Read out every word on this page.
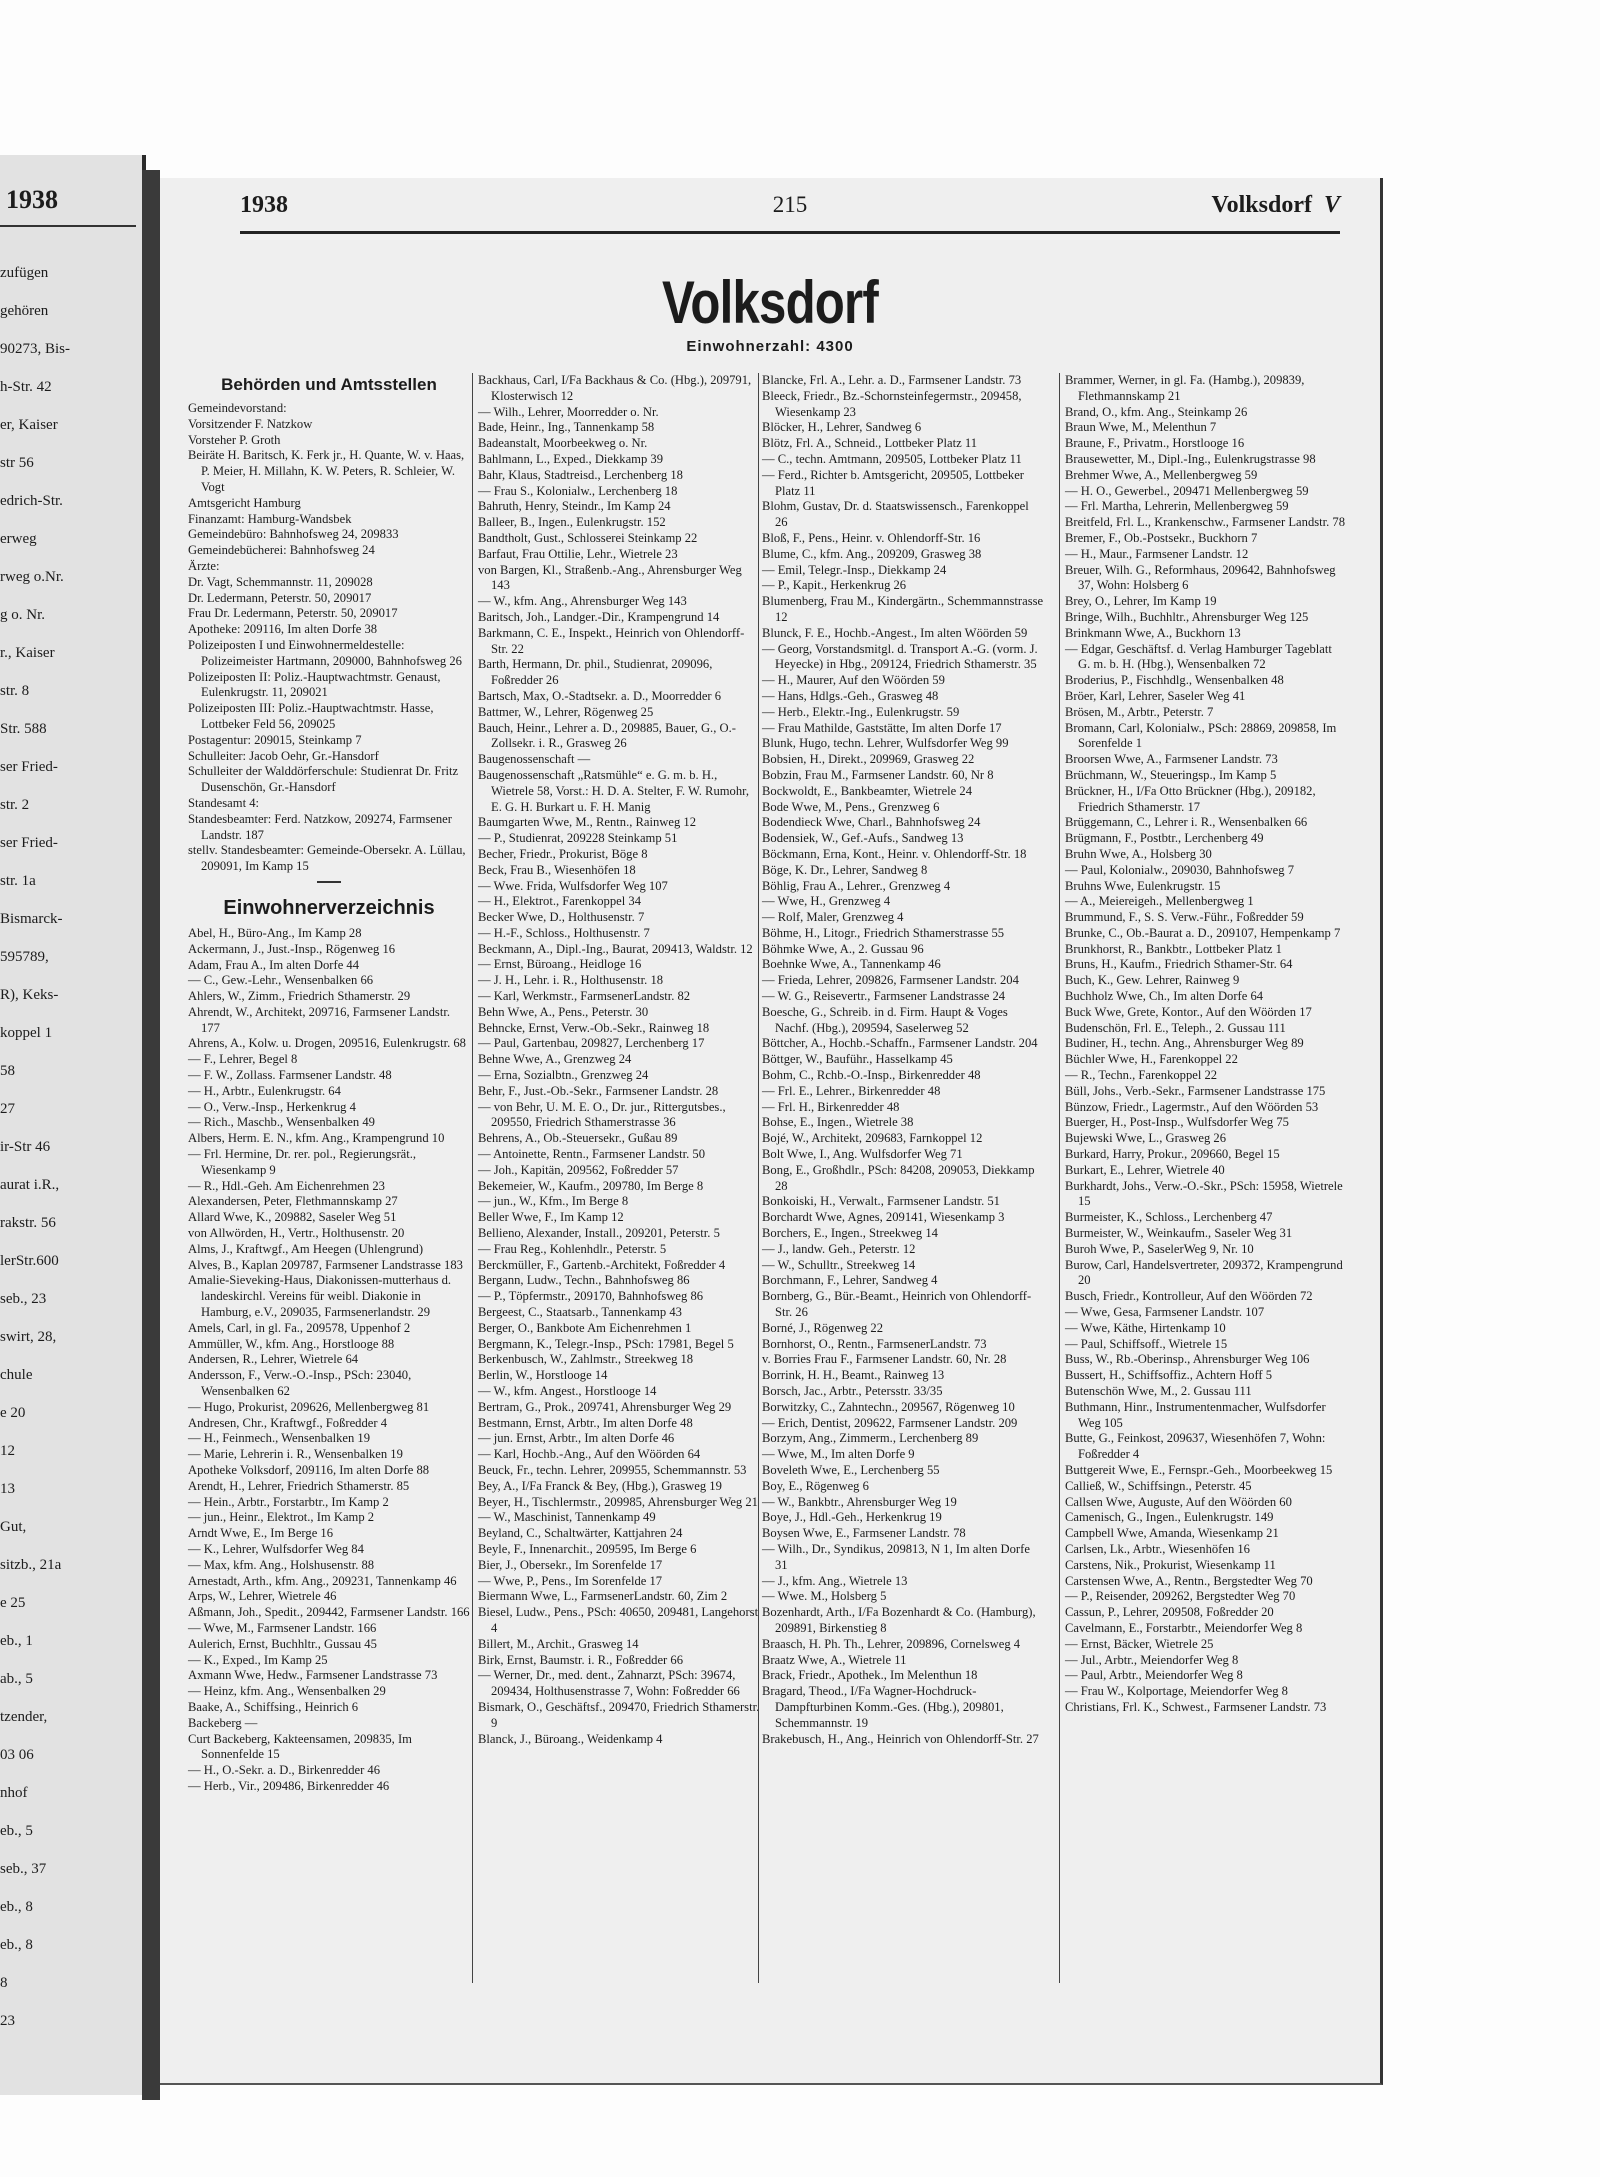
1938
zufügen
gehören
90273, Bis-
h-Str. 42
er, Kaiser
str 56
edrich-Str.
erweg
rweg o.Nr.
g o. Nr.
r., Kaiser
str. 8
Str. 588
ser Fried-
str. 2
ser Fried-
str. 1a
Bismarck-
595789,
R), Keks-
koppel 1
58
27
ir-Str 46
aurat i.R.,
rakstr. 56
lerStr.600
seb., 23
swirt, 28,
chule
e 20
12
13
Gut,
sitzb., 21a
e 25
eb., 1
ab., 5
tzender,
03 06
nhof
eb., 5
seb., 37
eb., 8
eb., 8
8
23
1938	215	Volksdorf V
Volksdorf
Einwohnerzahl: 4300
Behörden und Amtsstellen
Gemeindevorstand:
Vorsitzender F. Natzkow
Vorsteher P. Groth
Beiräte H. Baritsch, K. Ferk jr., H. Quante, W. v. Haas, P. Meier, H. Millahn, K. W. Peters, R. Schleier, W. Vogt
Amtsgericht Hamburg
Finanzamt: Hamburg-Wandsbek
Gemeindebüro: Bahnhofsweg 24, 209833
Gemeindebücherei: Bahnhofsweg 24
Ärzte:
Dr. Vagt, Schemmannstr. 11, 209028
Dr. Ledermann, Peterstr. 50, 209017
Frau Dr. Ledermann, Peterstr. 50, 209017
Apotheke: 209116, Im alten Dorfe 38
Polizeiposten I und Einwohnermeldestelle: Polizeimeister Hartmann, 209000, Bahnhofsweg 26
Polizeiposten II: Poliz.-Hauptwachtmstr. Genaust, Eulenkrugstr. 11, 209021
Polizeiposten III: Poliz.-Hauptwachtmstr. Hasse, Lottbeker Feld 56, 209025
Postagentur: 209015, Steinkamp 7
Schulleiter: Jacob Oehr, Gr.-Hansdorf
Schulleiter der Walddörferschule: Studienrat Dr. Fritz Dusenschön, Gr.-Hansdorf
Standesamt 4:
Standesbeamter: Ferd. Natzkow, 209274, Farmsener Landstr. 187
stellv. Standesbeamter: Gemeinde-Obersekr. A. Lüllau, 209091, Im Kamp 15
Einwohnerverzeichnis
Abel, H., Büro-Ang., Im Kamp 28
Ackermann, J., Just.-Insp., Rögenweg 16
Adam, Frau A., Im alten Dorfe 44
— C., Gew.-Lehr., Wensenbalken 66
Ahlers, W., Zimm., Friedrich Sthamerstr. 29
Ahrendt, W., Architekt, 209716, Farmsener Landstr. 177
Ahrens, A., Kolw. u. Drogen, 209516, Eulenkrugstr. 68
— F., Lehrer, Begel 8
— F. W., Zollass. Farmsener Landstr. 48
— H., Arbtr., Eulenkrugstr. 64
— O., Verw.-Insp., Herkenkrug 4
— Rich., Maschb., Wensenbalken 49
Albers, Herm. E. N., kfm. Ang., Krampengrund 10
— Frl. Hermine, Dr. rer. pol., Regierungsrät., Wiesenkamp 9
— R., Hdl.-Geh. Am Eichenrehmen 23
Alexandersen, Peter, Flethmannskamp 27
Allard Wwe, K., 209882, Saseler Weg 51
von Allwörden, H., Vertr., Holthusenstr. 20
Alms, J., Kraftwgf., Am Heegen (Uhlengrund)
Alves, B., Kaplan 209787, Farmsener Landstrasse 183
Amalie-Sieveking-Haus, Diakonissen-mutterhaus d. landeskirchl. Vereins für weibl. Diakonie in Hamburg, e.V., 209035, Farmsenerlandstr. 29
Amels, Carl, in gl. Fa., 209578, Uppenhof 2
Ammüller, W., kfm. Ang., Horstlooge 88
Andersen, R., Lehrer, Wietrele 64
Andersson, F., Verw.-O.-Insp., PSch: 23040, Wensenbalken 62
— Hugo, Prokurist, 209626, Mellenbergweg 81
Andresen, Chr., Kraftwgf., Foßredder 4
— H., Feinmech., Wensenbalken 19
— Marie, Lehrerin i. R., Wensenbalken 19
Apotheke Volksdorf, 209116, Im alten Dorfe 88
Arendt, H., Lehrer, Friedrich Sthamerstr. 85
— Hein., Arbtr., Forstarbtr., Im Kamp 2
— jun., Heinr., Elektrot., Im Kamp 2
Arndt Wwe, E., Im Berge 16
— K., Lehrer, Wulfsdorfer Weg 84
— Max, kfm. Ang., Holshusenstr. 88
Arnestadt, Arth., kfm. Ang., 209231, Tannenkamp 46
Arps, W., Lehrer, Wietrele 46
Aßmann, Joh., Spedit., 209442, Farmsener Landstr. 166
— Wwe, M., Farmsener Landstr. 166
Aulerich, Ernst, Buchhltr., Gussau 45
— K., Exped., Im Kamp 25
Axmann Wwe, Hedw., Farmsener Landstrasse 73
— Heinz, kfm. Ang., Wensenbalken 29
Baake, A., Schiffsing., Heinrich 6
Backeberg —
Curt Backeberg, Kakteensamen, 209835, Im Sonnenfelde 15
— H., O.-Sekr. a. D., Birkenredder 46
— Herb., Vir., 209486, Birkenredder 46
Backhaus, Carl, I/Fa Backhaus & Co. (Hbg.), 209791, Klosterwisch 12
— Wilh., Lehrer, Moorredder o. Nr.
Bade, Heinr., Ing., Tannenkamp 58
Badeanstalt, Moorbeekweg o. Nr.
Bahlmann, L., Exped., Diekkamp 39
Bahr, Klaus, Stadtreisd., Lerchenberg 18
— Frau S., Kolonialw., Lerchenberg 18
Bahruth, Henry, Steindr., Im Kamp 24
Balleer, B., Ingen., Eulenkrugstr. 152
Bandtholt, Gust., Schlosserei Steinkamp 22
Barfaut, Frau Ottilie, Lehr., Wietrele 23
von Bargen, Kl., Straßenb.-Ang., Ahrensburger Weg 143
— W., kfm. Ang., Ahrensburger Weg 143
Baritsch, Joh., Landger.-Dir., Krampengrund 14
Barkmann, C. E., Inspekt., Heinrich von Ohlendorff-Str. 22
Barth, Hermann, Dr. phil., Studienrat, 209096, Foßredder 26
Bartsch, Max, O.-Stadtsekr. a. D., Moorredder 6
Battmer, W., Lehrer, Rögenweg 25
Bauch, Heinr., Lehrer a. D., 209885, Bauer, G., O.-Zollsekr. i. R., Grasweg 26
Baugenossenschaft —
Baugenossenschaft „Ratsmühle“ e. G. m. b. H., Wietrele 58, Vorst.: H. D. A. Stelter, F. W. Rumohr, E. G. H. Burkart u. F. H. Manig
Baumgarten Wwe, M., Rentn., Rainweg 12
— P., Studienrat, 209228 Steinkamp 51
Becher, Friedr., Prokurist, Böge 8
Beck, Frau B., Wiesenhöfen 18
— Wwe. Frida, Wulfsdorfer Weg 107
— H., Elektrot., Farenkoppel 34
Becker Wwe, D., Holthusenstr. 7
— H.-F., Schloss., Holthusenstr. 7
Beckmann, A., Dipl.-Ing., Baurat, 209413, Waldstr. 12
— Ernst, Büroang., Heidloge 16
— J. H., Lehr. i. R., Holthusenstr. 18
— Karl, Werkmstr., FarmsenerLandstr. 82
Behn Wwe, A., Pens., Peterstr. 30
Behncke, Ernst, Verw.-Ob.-Sekr., Rainweg 18
— Paul, Gartenbau, 209827, Lerchenberg 17
Behne Wwe, A., Grenzweg 24
— Erna, Sozialbtn., Grenzweg 24
Behr, F., Just.-Ob.-Sekr., Farmsener Landstr. 28
— von Behr, U. M. E. O., Dr. jur., Rittergutsbes., 209550, Friedrich Sthamerstrasse 36
Behrens, A., Ob.-Steuersekr., Gußau 89
— Antoinette, Rentn., Farmsener Landstr. 50
— Joh., Kapitän, 209562, Foßredder 57
Bekemeier, W., Kaufm., 209780, Im Berge 8
— jun., W., Kfm., Im Berge 8
Beller Wwe, F., Im Kamp 12
Bellieno, Alexander, Install., 209201, Peterstr. 5
— Frau Reg., Kohlenhdlr., Peterstr. 5
Berckmüller, F., Gartenb.-Architekt, Foßredder 4
Bergann, Ludw., Techn., Bahnhofsweg 86
— P., Töpfermstr., 209170, Bahnhofsweg 86
Bergeest, C., Staatsarb., Tannenkamp 43
Berger, O., Bankbote Am Eichenrehmen 1
Bergmann, K., Telegr.-Insp., PSch: 17981, Begel 5
Berkenbusch, W., Zahlmstr., Streekweg 18
Berlin, W., Horstlooge 14
— W., kfm. Angest., Horstlooge 14
Bertram, G., Prok., 209741, Ahrensburger Weg 29
Bestmann, Ernst, Arbtr., Im alten Dorfe 48
— jun. Ernst, Arbtr., Im alten Dorfe 46
— Karl, Hochb.-Ang., Auf den Wöörden 64
Beuck, Fr., techn. Lehrer, 209955, Schemmannstr. 53
Bey, A., I/Fa Franck & Bey, (Hbg.), Grasweg 19
Beyer, H., Tischlermstr., 209985, Ahrensburger Weg 21
— W., Maschinist, Tannenkamp 49
Beyland, C., Schaltwärter, Kattjahren 24
Beyle, F., Innenarchit., 209595, Im Berge 6
Bier, J., Obersekr., Im Sorenfelde 17
— Wwe, P., Pens., Im Sorenfelde 17
Biermann Wwe, L., FarmsenerLandstr. 60, Zim 2
Biesel, Ludw., Pens., PSch: 40650, 209481, Langehorst 4
Billert, M., Archit., Grasweg 14
Birk, Ernst, Baumstr. i. R., Foßredder 66
— Werner, Dr., med. dent., Zahnarzt, PSch: 39674, 209434, Holthusenstrasse 7, Wohn: Foßredder 66
Bismark, O., Geschäftsf., 209470, Friedrich Sthamerstr. 9
Blanck, J., Büroang., Weidenkamp 4
Blancke, Frl. A., Lehr. a. D., Farmsener Landstr. 73
Bleeck, Friedr., Bz.-Schornsteinfegermstr., 209458, Wiesenkamp 23
Blöcker, H., Lehrer, Sandweg 6
Blötz, Frl. A., Schneid., Lottbeker Platz 11
— C., techn. Amtmann, 209505, Lottbeker Platz 11
— Ferd., Richter b. Amtsgericht, 209505, Lottbeker Platz 11
Blohm, Gustav, Dr. d. Staatswissensch., Farenkoppel 26
Bloß, F., Pens., Heinr. v. Ohlendorff-Str. 16
Blume, C., kfm. Ang., 209209, Grasweg 38
— Emil, Telegr.-Insp., Diekkamp 24
— P., Kapit., Herkenkrug 26
Blumenberg, Frau M., Kindergärtn., Schemmannstrasse 12
Blunck, F. E., Hochb.-Angest., Im alten Wöörden 59
— Georg, Vorstandsmitgl. d. Transport A.-G. (vorm. J. Heyecke) in Hbg., 209124, Friedrich Sthamerstr. 35
— H., Maurer, Auf den Wöörden 59
— Hans, Hdlgs.-Geh., Grasweg 48
— Herb., Elektr.-Ing., Eulenkrugstr. 59
— Frau Mathilde, Gaststätte, Im alten Dorfe 17
Blunk, Hugo, techn. Lehrer, Wulfsdorfer Weg 99
Bobsien, H., Direkt., 209969, Grasweg 22
Bobzin, Frau M., Farmsener Landstr. 60, Nr 8
Bockwoldt, E., Bankbeamter, Wietrele 24
Bode Wwe, M., Pens., Grenzweg 6
Bodendieck Wwe, Charl., Bahnhofsweg 24
Bodensiek, W., Gef.-Aufs., Sandweg 13
Böckmann, Erna, Kont., Heinr. v. Ohlendorff-Str. 18
Böge, K. Dr., Lehrer, Sandweg 8
Böhlig, Frau A., Lehrer., Grenzweg 4
— Wwe, H., Grenzweg 4
— Rolf, Maler, Grenzweg 4
Böhme, H., Litogr., Friedrich Sthamerstrasse 55
Böhmke Wwe, A., 2. Gussau 96
Boehnke Wwe, A., Tannenkamp 46
— Frieda, Lehrer, 209826, Farmsener Landstr. 204
— W. G., Reisevertr., Farmsener Landstrasse 24
Boesche, G., Schreib. in d. Firm. Haupt & Voges Nachf. (Hbg.), 209594, Saselerweg 52
Böttcher, A., Hochb.-Schaffn., Farmsener Landstr. 204
Böttger, W., Bauführ., Hasselkamp 45
Bohm, C., Rchb.-O.-Insp., Birkenredder 48
— Frl. E., Lehrer., Birkenredder 48
— Frl. H., Birkenredder 48
Bohse, E., Ingen., Wietrele 38
Bojé, W., Architekt, 209683, Farnkoppel 12
Bolt Wwe, I., Ang. Wulfsdorfer Weg 71
Bong, E., Großhdlr., PSch: 84208, 209053, Diekkamp 28
Bonkoiski, H., Verwalt., Farmsener Landstr. 51
Borchardt Wwe, Agnes, 209141, Wiesenkamp 3
Borchers, E., Ingen., Streekweg 14
— J., landw. Geh., Peterstr. 12
— W., Schulltr., Streekweg 14
Borchmann, F., Lehrer, Sandweg 4
Bornberg, G., Bür.-Beamt., Heinrich von Ohlendorff-Str. 26
Borné, J., Rögenweg 22
Bornhorst, O., Rentn., FarmsenerLandstr. 73
v. Borries Frau F., Farmsener Landstr. 60, Nr. 28
Borrink, H. H., Beamt., Rainweg 13
Borsch, Jac., Arbtr., Petersstr. 33/35
Borwitzky, C., Zahntechn., 209567, Rögenweg 10
— Erich, Dentist, 209622, Farmsener Landstr. 209
Borzym, Ang., Zimmerm., Lerchenberg 89
— Wwe, M., Im alten Dorfe 9
Boveleth Wwe, E., Lerchenberg 55
Boy, E., Rögenweg 6
— W., Bankbtr., Ahrensburger Weg 19
Boye, J., Hdl.-Geh., Herkenkrug 19
Boysen Wwe, E., Farmsener Landstr. 78
— Wilh., Dr., Syndikus, 209813, N 1, Im alten Dorfe 31
— J., kfm. Ang., Wietrele 13
— Wwe. M., Holsberg 5
Bozenhardt, Arth., I/Fa Bozenhardt & Co. (Hamburg), 209891, Birkenstieg 8
Braasch, H. Ph. Th., Lehrer, 209896, Cornelsweg 4
Braatz Wwe, A., Wietrele 11
Brack, Friedr., Apothek., Im Melenthun 18
Bragard, Theod., I/Fa Wagner-Hochdruck-Dampfturbinen Komm.-Ges. (Hbg.), 209801, Schemmannstr. 19
Brakebusch, H., Ang., Heinrich von Ohlendorff-Str. 27
Brammer, Werner, in gl. Fa. (Hambg.), 209839, Flethmannskamp 21
Brand, O., kfm. Ang., Steinkamp 26
Braun Wwe, M., Melenthun 7
Braune, F., Privatm., Horstlooge 16
Brausewetter, M., Dipl.-Ing., Eulenkrugstrasse 98
Brehmer Wwe, A., Mellenbergweg 59
— H. O., Gewerbel., 209471 Mellenbergweg 59
— Frl. Martha, Lehrerin, Mellenbergweg 59
Breitfeld, Frl. L., Krankenschw., Farmsener Landstr. 78
Bremer, F., Ob.-Postsekr., Buckhorn 7
— H., Maur., Farmsener Landstr. 12
Breuer, Wilh. G., Reformhaus, 209642, Bahnhofsweg 37, Wohn: Holsberg 6
Brey, O., Lehrer, Im Kamp 19
Bringe, Wilh., Buchhltr., Ahrensburger Weg 125
Brinkmann Wwe, A., Buckhorn 13
— Edgar, Geschäftsf. d. Verlag Hamburger Tageblatt G. m. b. H. (Hbg.), Wensenbalken 72
Broderius, P., Fischhdlg., Wensenbalken 48
Bröer, Karl, Lehrer, Saseler Weg 41
Brösen, M., Arbtr., Peterstr. 7
Bromann, Carl, Kolonialw., PSch: 28869, 209858, Im Sorenfelde 1
Broorsen Wwe, A., Farmsener Landstr. 73
Brüchmann, W., Steueringsp., Im Kamp 5
Brückner, H., I/Fa Otto Brückner (Hbg.), 209182, Friedrich Sthamerstr. 17
Brüggemann, C., Lehrer i. R., Wensenbalken 66
Brügmann, F., Postbtr., Lerchenberg 49
Bruhn Wwe, A., Holsberg 30
— Paul, Kolonialw., 209030, Bahnhofsweg 7
Bruhns Wwe, Eulenkrugstr. 15
— A., Meiereigeh., Mellenbergweg 1
Brummund, F., S. S. Verw.-Führ., Foßredder 59
Brunke, C., Ob.-Baurat a. D., 209107, Hempenkamp 7
Brunkhorst, R., Bankbtr., Lottbeker Platz 1
Bruns, H., Kaufm., Friedrich Sthamer-Str. 64
Buch, K., Gew. Lehrer, Rainweg 9
Buchholz Wwe, Ch., Im alten Dorfe 64
Buck Wwe, Grete, Kontor., Auf den Wöörden 17
Budenschön, Frl. E., Teleph., 2. Gussau 111
Budiner, H., techn. Ang., Ahrensburger Weg 89
Büchler Wwe, H., Farenkoppel 22
— R., Techn., Farenkoppel 22
Büll, Johs., Verb.-Sekr., Farmsener Landstrasse 175
Bünzow, Friedr., Lagermstr., Auf den Wöörden 53
Buerger, H., Post-Insp., Wulfsdorfer Weg 75
Bujewski Wwe, L., Grasweg 26
Burkard, Harry, Prokur., 209660, Begel 15
Burkart, E., Lehrer, Wietrele 40
Burkhardt, Johs., Verw.-O.-Skr., PSch: 15958, Wietrele 15
Burmeister, K., Schloss., Lerchenberg 47
Burmeister, W., Weinkaufm., Saseler Weg 31
Buroh Wwe, P., SaselerWeg 9, Nr. 10
Burow, Carl, Handelsvertreter, 209372, Krampengrund 20
Busch, Friedr., Kontrolleur, Auf den Wöörden 72
— Wwe, Gesa, Farmsener Landstr. 107
— Wwe, Käthe, Hirtenkamp 10
— Paul, Schiffsoff., Wietrele 15
Buss, W., Rb.-Oberinsp., Ahrensburger Weg 106
Bussert, H., Schiffsoffiz., Achtern Hoff 5
Butenschön Wwe, M., 2. Gussau 111
Buthmann, Hinr., Instrumentenmacher, Wulfsdorfer Weg 105
Butte, G., Feinkost, 209637, Wiesenhöfen 7, Wohn: Foßredder 4
Buttgereit Wwe, E., Fernspr.-Geh., Moorbeekweg 15
Calließ, W., Schiffsingn., Peterstr. 45
Callsen Wwe, Auguste, Auf den Wöörden 60
Camenisch, G., Ingen., Eulenkrugstr. 149
Campbell Wwe, Amanda, Wiesenkamp 21
Carlsen, Lk., Arbtr., Wiesenhöfen 16
Carstens, Nik., Prokurist, Wiesenkamp 11
Carstensen Wwe, A., Rentn., Bergstedter Weg 70
— P., Reisender, 209262, Bergstedter Weg 70
Cassun, P., Lehrer, 209508, Foßredder 20
Cavelmann, E., Forstarbtr., Meiendorfer Weg 8
— Ernst, Bäcker, Wietrele 25
— Jul., Arbtr., Meiendorfer Weg 8
— Paul, Arbtr., Meiendorfer Weg 8
— Frau W., Kolportage, Meiendorfer Weg 8
Christians, Frl. K., Schwest., Farmsener Landstr. 73
